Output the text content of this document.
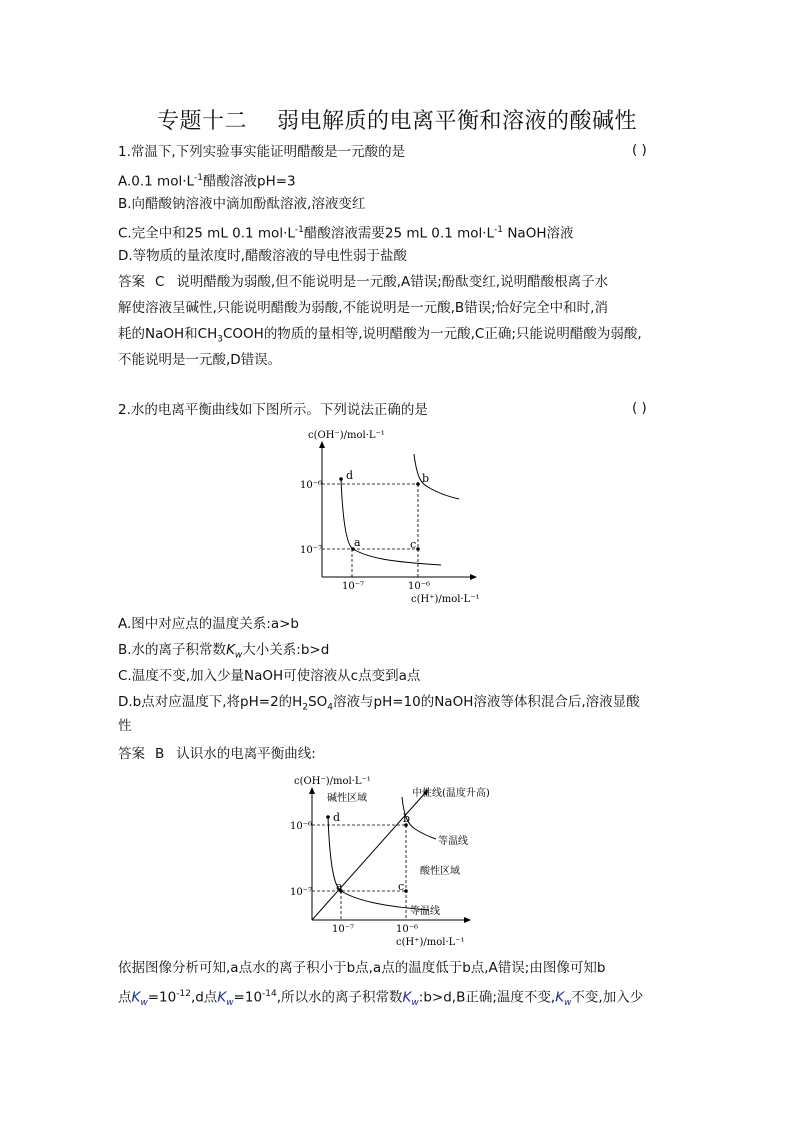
专题十二 弱电解质的电离平衡和溶液的酸碱性
1.常温下,下列实验事实能证明醋酸是一元酸的是	( )
A.0.1 $mol\cdot L^{-1}$醋酸溶液pH=3
B.向醋酸钠溶液中滴加酚酞溶液,溶液变红
C.完全中和25 mL 0.1 $mol\cdot L^{-1}$醋酸溶液需要25 mL 0.1 $mol\cdot L^{-1}$ NaOH溶液
D.等物质的量浓度时,醋酸溶液的导电性弱于盐酸
答案 C 说明醋酸为弱酸,但不能说明是一元酸,A错误;酚酞变红,说明醋酸根离子水
解使溶液呈碱性,只能说明醋酸为弱酸,不能说明是一元酸,B错误;恰好完全中和时,消
耗的NaOH和$CH_3COOH$的物质的量相等,说明醋酸为一元酸,C正确;只能说明醋酸为弱酸,
不能说明是一元酸,D错误。
2.水的电离平衡曲线如下图所示。下列说法正确的是	( )
c(OH⁻)/mol·L⁻¹
d
a
b
c
10⁻⁶
10⁻⁷
10⁻⁷	10⁻⁶
c(H⁺)/mol·L⁻¹
A.图中对应点的温度关系:a>b
B.水的离子积常数$K_w$大小关系:b>d
C.温度不变,加入少量NaOH可使溶液从c点变到a点
D.b点对应温度下,将pH=2的$H_2SO_4$溶液与pH=10的NaOH溶液等体积混合后,溶液显酸
性
答案 B 认识水的电离平衡曲线:
c(OH⁻)/mol·L⁻¹
d
a
b
c
碱性区域
酸性区域
中性线(温度升高)
等温线
等温线
10⁻⁶
10⁻⁷
10⁻⁷	10⁻⁶
c(H⁺)/mol·L⁻¹
依据图像分析可知,a点水的离子积小于b点,a点的温度低于b点,A错误;由图像可知b
点$K_w=10^{-12},d$点$K_w=10^{-14}$,所以水的离子积常数$K_w:b>d,B$正确;温度不变$,K_w$不变,加入少
